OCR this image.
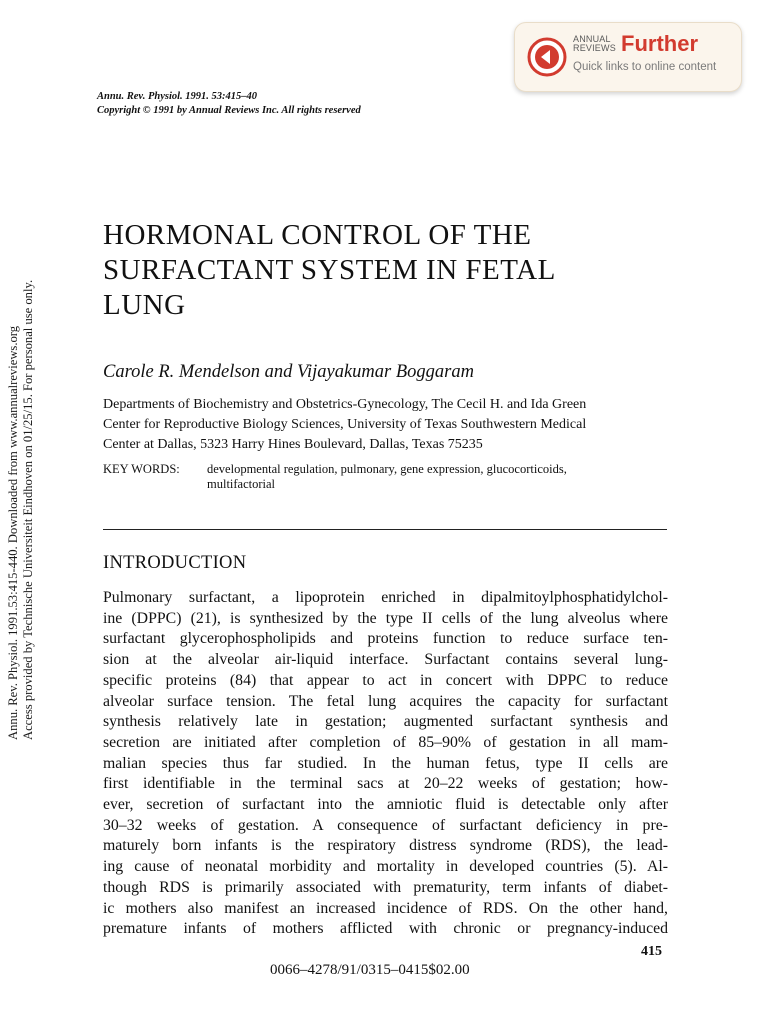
Annu. Rev. Physiol. 1991.53:415-440. Downloaded from www.annualreviews.org Access provided by Technische Universiteit Eindhoven on 01/25/15. For personal use only.
ANNUAL
REVIEWS Further
Quick links to online content
Annu. Rev. Physiol. 1991. 53:415–40
Copyright © 1991 by Annual Reviews Inc. All rights reserved
HORMONAL CONTROL OF THE
SURFACTANT SYSTEM IN FETAL
LUNG
Carole R. Mendelson and Vijayakumar Boggaram
Departments of Biochemistry and Obstetrics-Gynecology, The Cecil H. and Ida Green
Center for Reproductive Biology Sciences, University of Texas Southwestern Medical
Center at Dallas, 5323 Harry Hines Boulevard, Dallas, Texas 75235
KEY WORDS: developmental regulation, pulmonary, gene expression, glucocorticoids,
multifactorial
INTRODUCTION
Pulmonary surfactant, a lipoprotein enriched in dipalmitoylphosphatidylchol-
ine (DPPC) (21), is synthesized by the type II cells of the lung alveolus where
surfactant glycerophospholipids and proteins function to reduce surface ten-
sion at the alveolar air-liquid interface. Surfactant contains several lung-
specific proteins (84) that appear to act in concert with DPPC to reduce
alveolar surface tension. The fetal lung acquires the capacity for surfactant
synthesis relatively late in gestation; augmented surfactant synthesis and
secretion are initiated after completion of 85–90% of gestation in all mam-
malian species thus far studied. In the human fetus, type II cells are
first identifiable in the terminal sacs at 20–22 weeks of gestation; how-
ever, secretion of surfactant into the amniotic fluid is detectable only after
30–32 weeks of gestation. A consequence of surfactant deficiency in pre-
maturely born infants is the respiratory distress syndrome (RDS), the lead-
ing cause of neonatal morbidity and mortality in developed countries (5). Al-
though RDS is primarily associated with prematurity, term infants of diabet-
ic mothers also manifest an increased incidence of RDS. On the other hand,
premature infants of mothers afflicted with chronic or pregnancy-induced
415
0066–4278/91/0315–0415$02.00
